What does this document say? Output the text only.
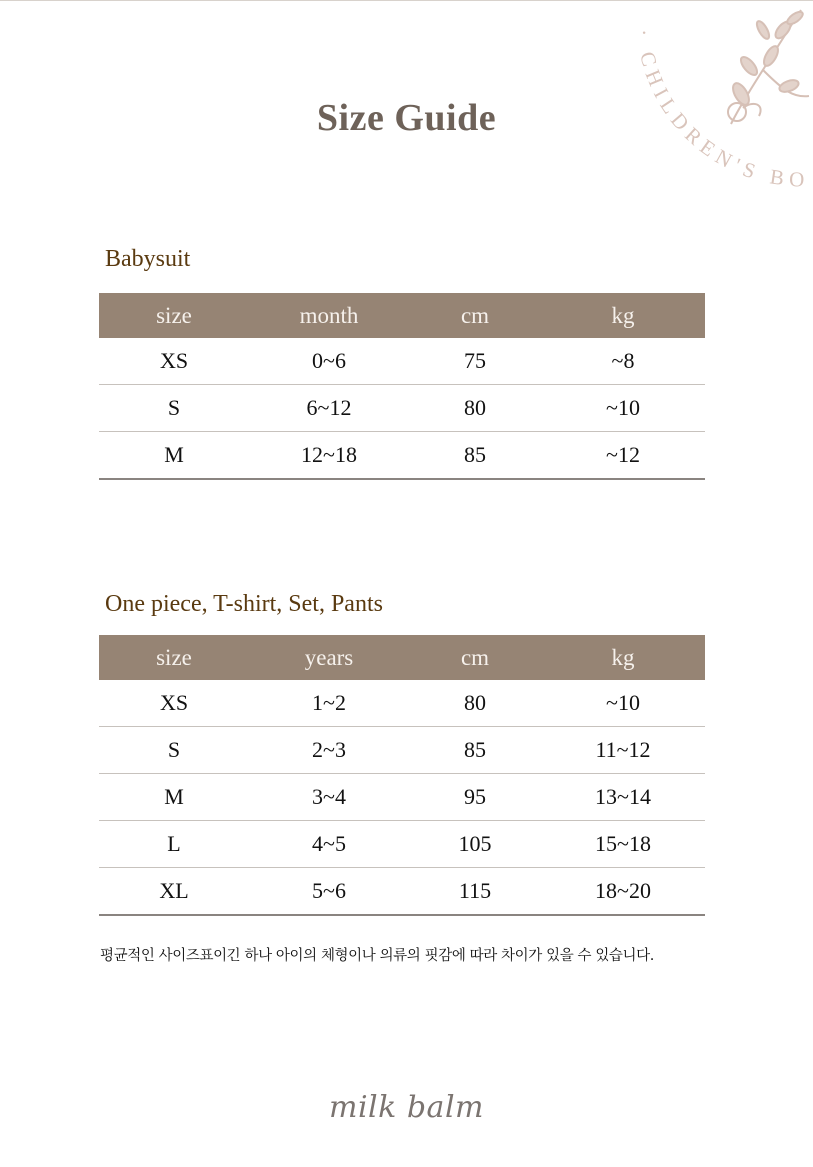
· CHILDREN'S BO
Size Guide
Babysuit
size	month	cm	kg
XS	0~6	75	~8
S	6~12	80	~10
M	12~18	85	~12
One piece, T-shirt, Set, Pants
size	years	cm	kg
XS	1~2	80	~10
S	2~3	85	11~12
M	3~4	95	13~14
L	4~5	105	15~18
XL	5~6	115	18~20
평균적인 사이즈표이긴 하나 아이의 체형이나 의류의 핏감에 따라 차이가 있을 수 있습니다.
milk balm
